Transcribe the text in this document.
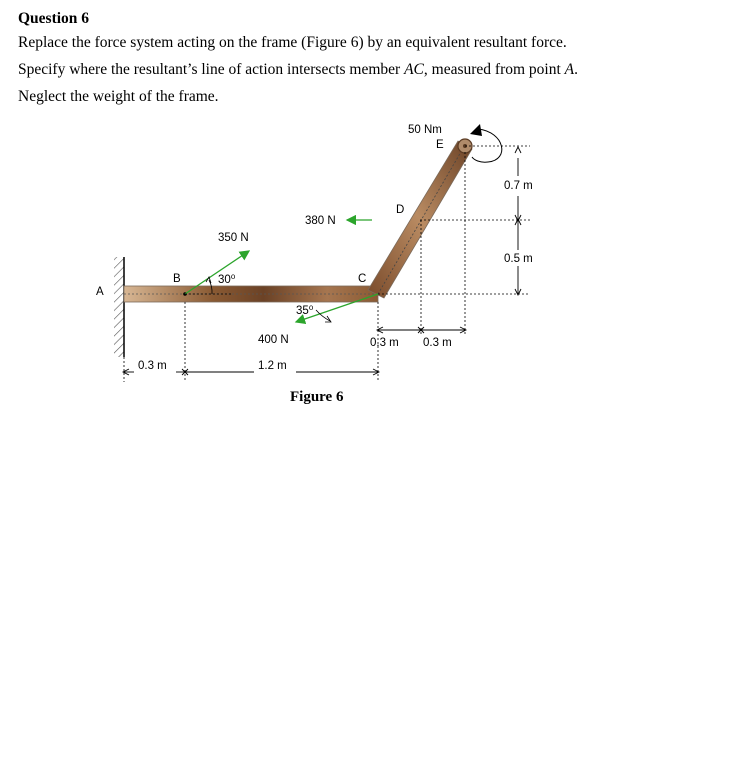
Question 6
Replace the force system acting on the frame (Figure 6) by an equivalent resultant force.
Specify where the resultant’s line of action intersects member AC, measured from point A.
Neglect the weight of the frame.
A
B	C
D
E
350 N
30⁰
380 N
35⁰
400 N
50 Nm
0.7 m
0.5 m
0.3 m 0.3 m
0.3 m	1.2 m
Figure 6
